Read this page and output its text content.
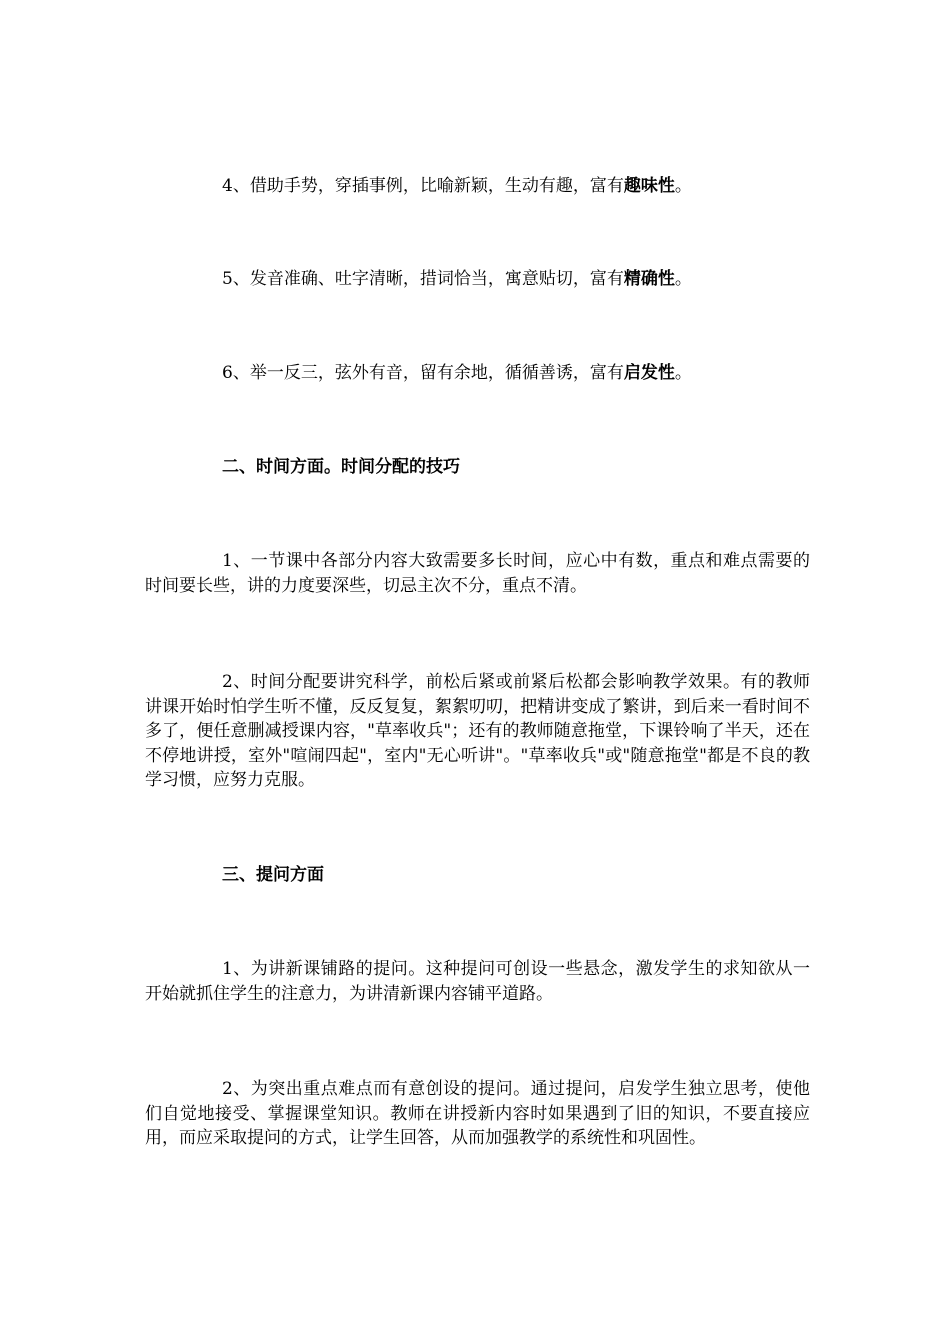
4、借助手势，穿插事例，比喻新颖，生动有趣，富有趣味性。
5、发音准确、吐字清晰，措词恰当，寓意贴切，富有精确性。
6、举一反三，弦外有音，留有余地，循循善诱，富有启发性。
二、时间方面。时间分配的技巧
1、一节课中各部分内容大致需要多长时间，应心中有数，重点和难点需要的时间要长些，讲的力度要深些，切忌主次不分，重点不清。
2、时间分配要讲究科学，前松后紧或前紧后松都会影响教学效果。有的教师讲课开始时怕学生听不懂，反反复复，絮絮叨叨，把精讲变成了繁讲，到后来一看时间不多了，便任意删减授课内容，"草率收兵"；还有的教师随意拖堂，下课铃响了半天，还在不停地讲授，室外"喧闹四起"，室内"无心听讲"。"草率收兵"或"随意拖堂"都是不良的教学习惯，应努力克服。
三、提问方面
1、为讲新课铺路的提问。这种提问可创设一些悬念，激发学生的求知欲从一开始就抓住学生的注意力，为讲清新课内容铺平道路。
2、为突出重点难点而有意创设的提问。通过提问，启发学生独立思考，使他们自觉地接受、掌握课堂知识。教师在讲授新内容时如果遇到了旧的知识，不要直接应用，而应采取提问的方式，让学生回答，从而加强教学的系统性和巩固性。
